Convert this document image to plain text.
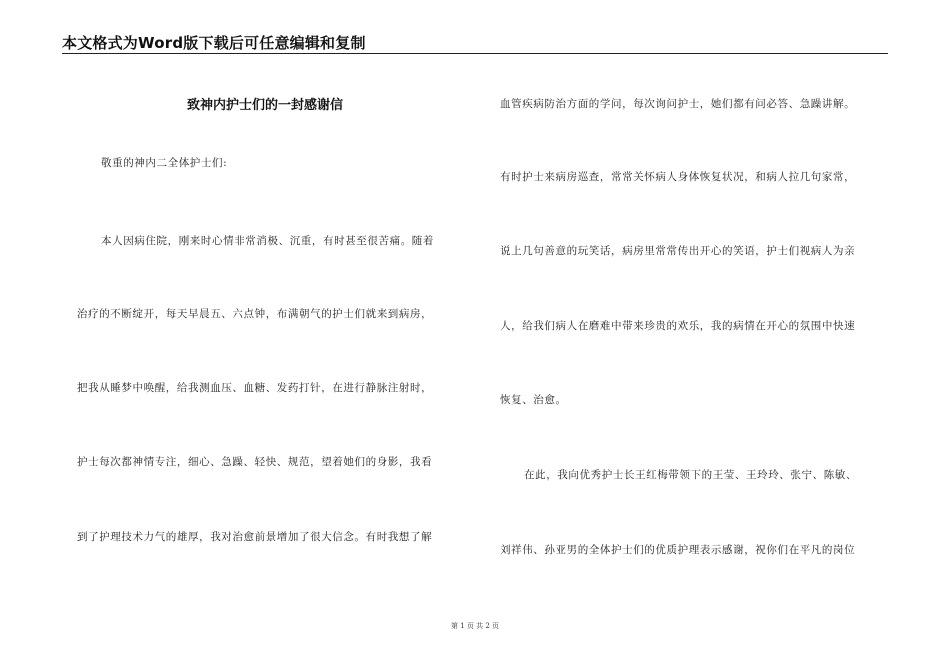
本文格式为Word版下载后可任意编辑和复制
致神内护士们的一封感谢信
敬重的神内二全体护士们:
本人因病住院，刚来时心情非常消极、沉重，有时甚至很苦痛。随着
治疗的不断绽开，每天早晨五、六点钟，布满朝气的护士们就来到病房，
把我从睡梦中唤醒，给我测血压、血糖、发药打针，在进行静脉注射时，
护士每次都神情专注，细心、急躁、轻快、规范，望着她们的身影，我看
到了护理技术力气的雄厚，我对治愈前景增加了很大信念。有时我想了解
血管疾病防治方面的学问，每次询问护士，她们都有问必答、急躁讲解。
有时护士来病房巡查，常常关怀病人身体恢复状况，和病人拉几句家常，
说上几句善意的玩笑话，病房里常常传出开心的笑语，护士们视病人为亲
人，给我们病人在磨难中带来珍贵的欢乐，我的病情在开心的氛围中快速
恢复、治愈。
在此，我向优秀护士长王红梅带领下的王莹、王玲玲、张宁、陈敏、
刘祥伟、孙亚男的全体护士们的优质护理表示感谢，祝你们在平凡的岗位
第 1 页 共 2 页
